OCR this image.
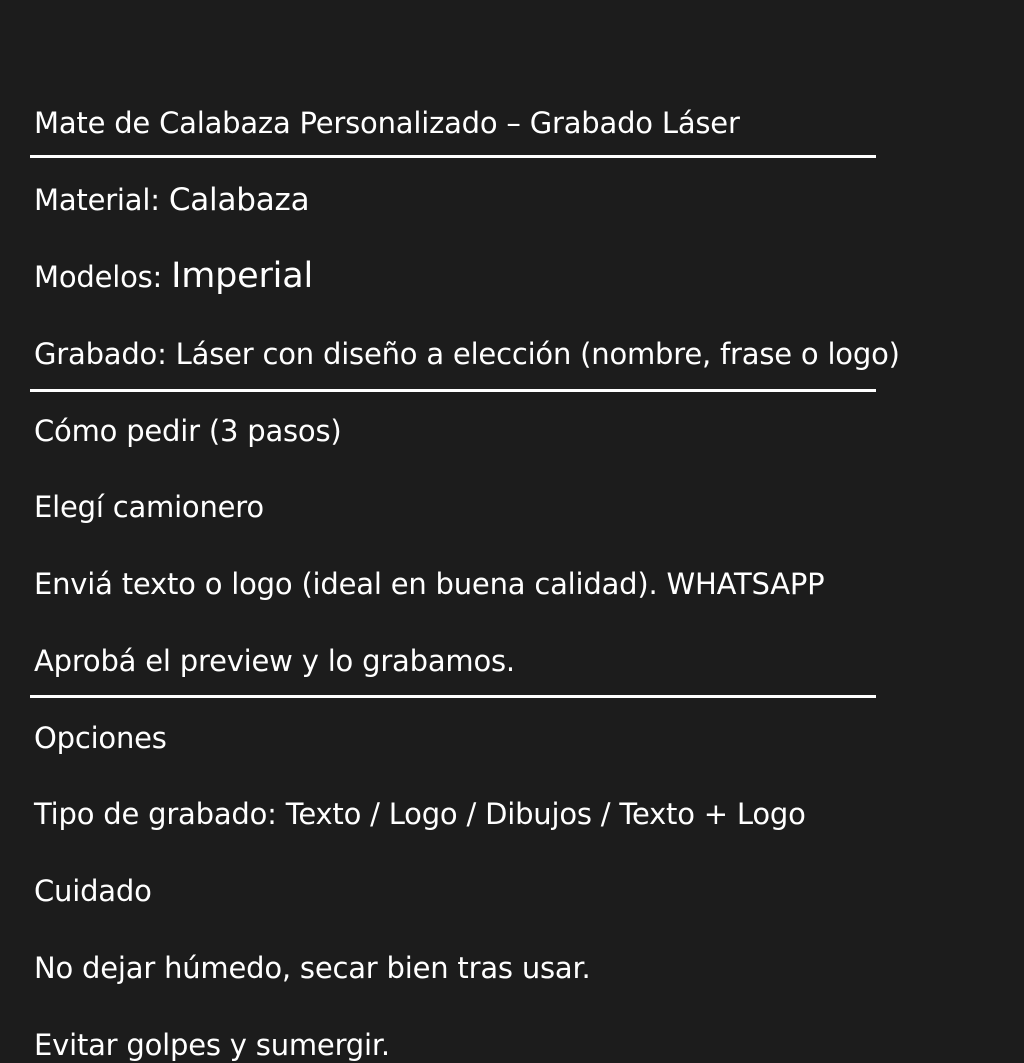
Mate de Calabaza Personalizado – Grabado Láser
Material: Calabaza
Modelos: Imperial
Grabado: Láser con diseño a elección (nombre, frase o logo)
Cómo pedir (3 pasos)
Elegí camionero
Enviá texto o logo (ideal en buena calidad). WHATSAPP
Aprobá el preview y lo grabamos.
Opciones
Tipo de grabado: Texto / Logo / Dibujos / Texto + Logo
Cuidado
No dejar húmedo, secar bien tras usar.
Evitar golpes y sumergir.
